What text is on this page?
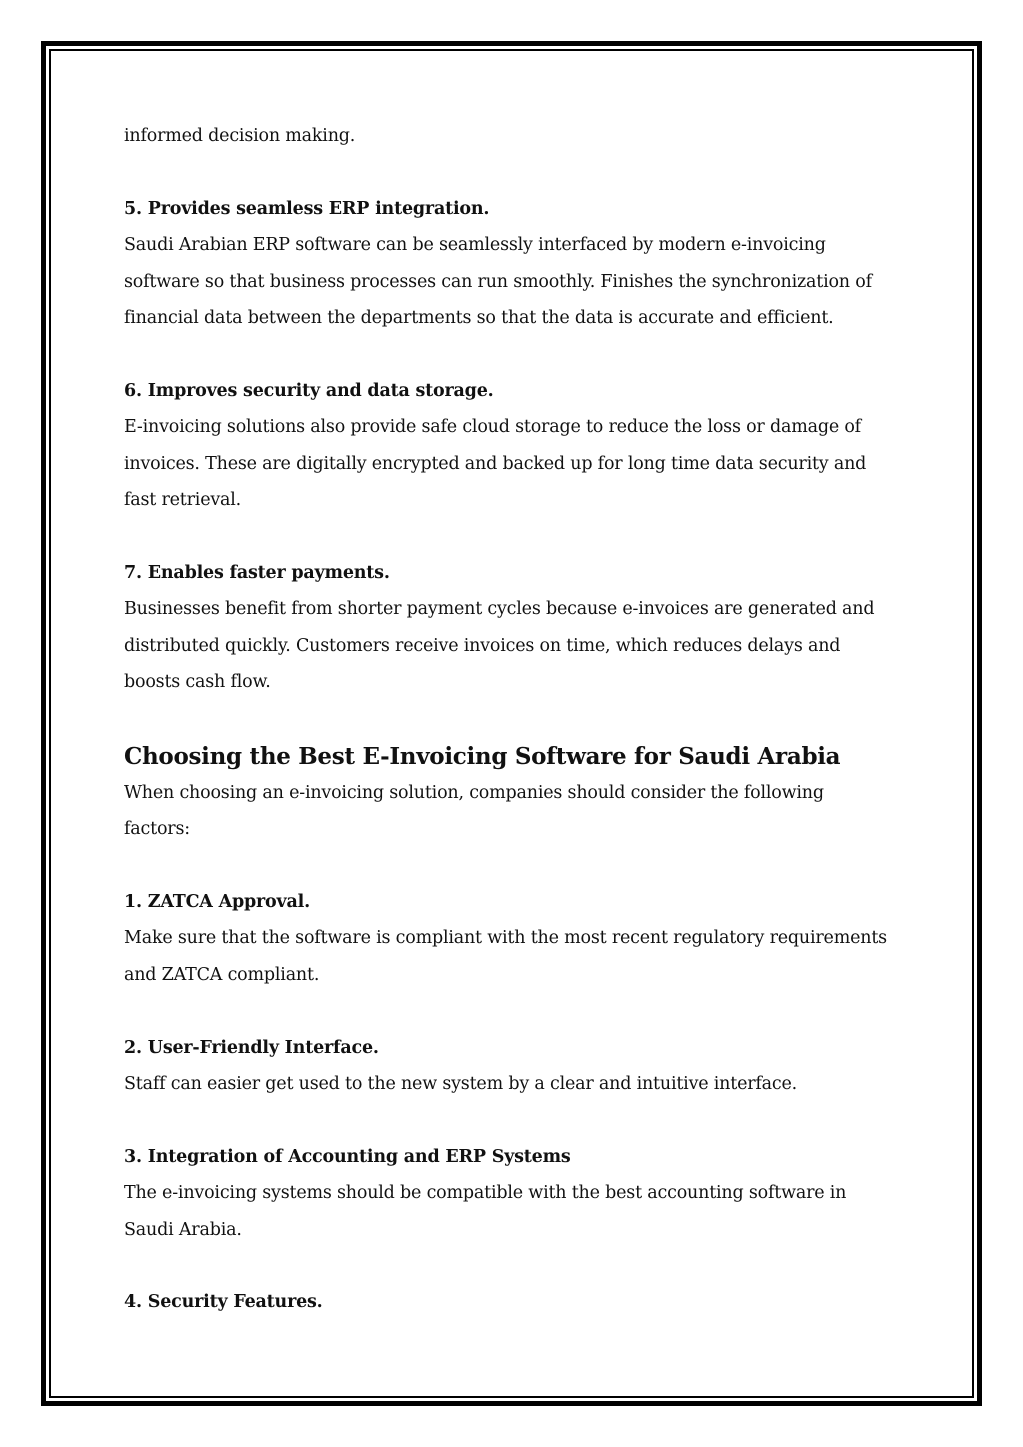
informed decision making.

5. Provides seamless ERP integration.

Saudi Arabian ERP software can be seamlessly interfaced by modern e-invoicing

software so that business processes can run smoothly. Finishes the synchronization of

financial data between the departments so that the data is accurate and efficient.

6. Improves security and data storage.

E-invoicing solutions also provide safe cloud storage to reduce the loss or damage of

invoices. These are digitally encrypted and backed up for long time data security and

fast retrieval.

7. Enables faster payments.

Businesses benefit from shorter payment cycles because e-invoices are generated and

distributed quickly. Customers receive invoices on time, which reduces delays and

boosts cash flow.

Choosing the Best E-Invoicing Software for Saudi Arabia

When choosing an e-invoicing solution, companies should consider the following

factors:

1. ZATCA Approval.

Make sure that the software is compliant with the most recent regulatory requirements

and ZATCA compliant.

2. User-Friendly Interface.

Staff can easier get used to the new system by a clear and intuitive interface.

3. Integration of Accounting and ERP Systems

The e-invoicing systems should be compatible with the best accounting software in

Saudi Arabia.

4. Security Features.
